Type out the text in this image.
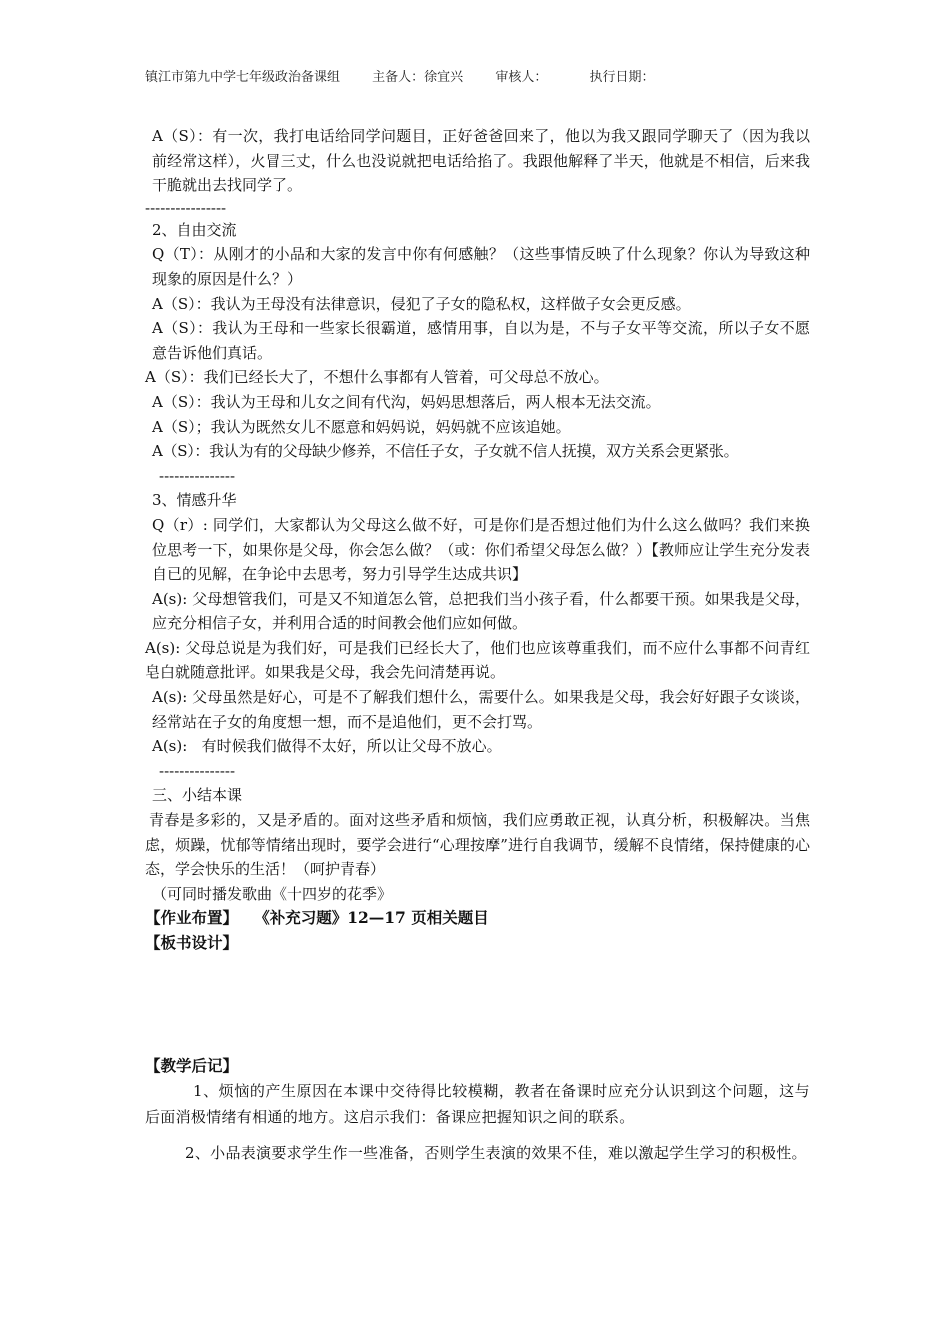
镇江市第九中学七年级政治备课组 主备人：徐宜兴 审核人：	执行日期：

A（S）：有一次，我打电话给同学问题目，正好爸爸回来了，他以为我又跟同学聊天了（因为我以前经常这样），火冒三丈，什么也没说就把电话给掐了。我跟他解释了半天，他就是不相信，后来我干脆就出去找同学了。

----------------

2、自由交流

Q（T）：从刚才的小品和大家的发言中你有何感触？（这些事情反映了什么现象？你认为导致这种现象的原因是什么？）

A（S）：我认为王母没有法律意识，侵犯了子女的隐私权，这样做子女会更反感。

A（S）：我认为王母和一些家长很霸道，感情用事，自以为是，不与子女平等交流，所以子女不愿意告诉他们真话。

A（S）：我们已经长大了，不想什么事都有人管着，可父母总不放心。

A（S）：我认为王母和儿女之间有代沟，妈妈思想落后，两人根本无法交流。

A（S）；我认为既然女儿不愿意和妈妈说，妈妈就不应该追她。

A（S）：我认为有的父母缺少修养，不信任子女，子女就不信人抚摸，双方关系会更紧张。

---------------

3、情感升华

Q（r）: 同学们，大家都认为父母这么做不好，可是你们是否想过他们为什么这么做吗？我们来换位思考一下，如果你是父母，你会怎么做？（或：你们希望父母怎么做？）【教师应让学生充分发表自已的见解，在争论中去思考，努力引导学生达成共识】

A(s): 父母想管我们，可是又不知道怎么管，总把我们当小孩子看，什么都要干预。如果我是父母，应充分相信子女，并利用合适的时间教会他们应如何做。

A(s): 父母总说是为我们好，可是我们已经长大了，他们也应该尊重我们，而不应什么事都不问青红皂白就随意批评。如果我是父母，我会先问清楚再说。

A(s): 父母虽然是好心，可是不了解我们想什么，需要什么。如果我是父母，我会好好跟子女谈谈，经常站在子女的角度想一想，而不是追他们，更不会打骂。

A(s):   有时候我们做得不太好，所以让父母不放心。

---------------

三、小结本课

青春是多彩的，又是矛盾的。面对这些矛盾和烦恼，我们应勇敢正视，认真分析，积极解决。当焦虑，烦躁，忧郁等情绪出现时，要学会进行“心理按摩”进行自我调节，缓解不良情绪，保持健康的心态，学会快乐的生活！（呵护青春）

（可同时播发歌曲《十四岁的花季》

【作业布置】   《补充习题》12—17 页相关题目

【板书设计】

【教学后记】

1、烦恼的产生原因在本课中交待得比较模糊，教者在备课时应充分认识到这个问题，这与后面消极情绪有相通的地方。这启示我们：备课应把握知识之间的联系。

2、小品表演要求学生作一些准备，否则学生表演的效果不佳，难以激起学生学习的积极性。
